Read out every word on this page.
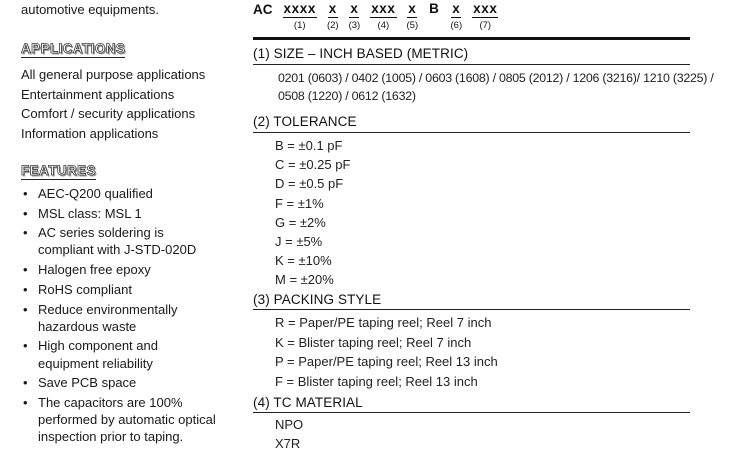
automotive equipments.

APPLICATIONS
All general purpose applications
Entertainment applications
Comfort / security applications
Information applications
FEATURES
• AEC-Q200 qualified
• MSL class: MSL 1
• AC series soldering is compliant with J-STD-020D
• Halogen free epoxy
• RoHS compliant
• Reduce environmentally hazardous waste
• High component and equipment reliability
• Save PCB space
• The capacitors are 100% performed by automatic optical inspection prior to taping.
AC xxxx
(1)
x
(2)
x
(3)
xxx
(4)
x
(5)
B x
(6)
xxx
(7)
(1) SIZE – INCH BASED (METRIC)
0201 (0603) / 0402 (1005) / 0603 (1608) / 0805 (2012) / 1206 (3216)/ 1210 (3225) /
0508 (1220) / 0612 (1632)
(2) TOLERANCE
B = ±0.1 pF
C = ±0.25 pF
D = ±0.5 pF
F = ±1%
G = ±2%
J = ±5%
K = ±10%
M = ±20%
(3) PACKING STYLE
R = Paper/PE taping reel; Reel 7 inch
K = Blister taping reel; Reel 7 inch
P = Paper/PE taping reel; Reel 13 inch
F = Blister taping reel; Reel 13 inch
(4) TC MATERIAL
NPO
X7R
